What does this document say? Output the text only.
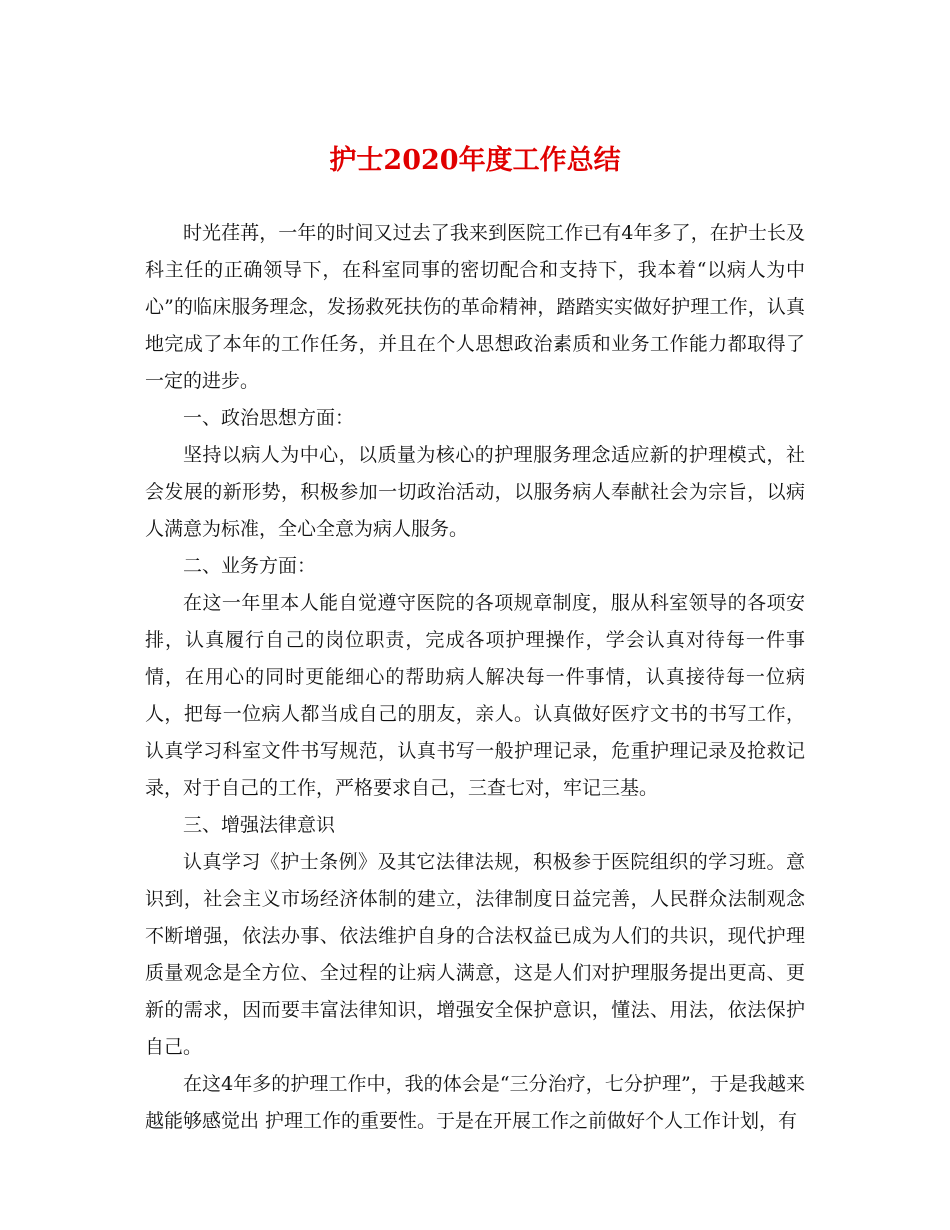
护士2020年度工作总结

时光荏苒，一年的时间又过去了我来到医院工作已有4年多了，在护士长及科主任的正确领导下，在科室同事的密切配合和支持下，我本着“以病人为中心”的临床服务理念，发扬救死扶伤的革命精神，踏踏实实做好护理工作，认真地完成了本年的工作任务，并且在个人思想政治素质和业务工作能力都取得了一定的进步。

一、政治思想方面：

坚持以病人为中心，以质量为核心的护理服务理念适应新的护理模式，社会发展的新形势，积极参加一切政治活动，以服务病人奉献社会为宗旨，以病人满意为标准，全心全意为病人服务。

二、业务方面：

在这一年里本人能自觉遵守医院的各项规章制度，服从科室领导的各项安排，认真履行自己的岗位职责，完成各项护理操作，学会认真对待每一件事情，在用心的同时更能细心的帮助病人解决每一件事情，认真接待每一位病人，把每一位病人都当成自己的朋友，亲人。认真做好医疗文书的书写工作，认真学习科室文件书写规范，认真书写一般护理记录，危重护理记录及抢救记录，对于自己的工作，严格要求自己，三查七对，牢记三基。

三、增强法律意识

认真学习《护士条例》及其它法律法规，积极参于医院组织的学习班。意识到，社会主义市场经济体制的建立，法律制度日益完善，人民群众法制观念不断增强，依法办事、依法维护自身的合法权益已成为人们的共识，现代护理质量观念是全方位、全过程的让病人满意，这是人们对护理服务提出更高、更新的需求，因而要丰富法律知识，增强安全保护意识，懂法、用法，依法保护自己。

在这4年多的护理工作中，我的体会是“三分治疗，七分护理”，于是我越来越能够感觉出 护理工作的重要性。于是在开展工作之前做好个人工作计划，有
